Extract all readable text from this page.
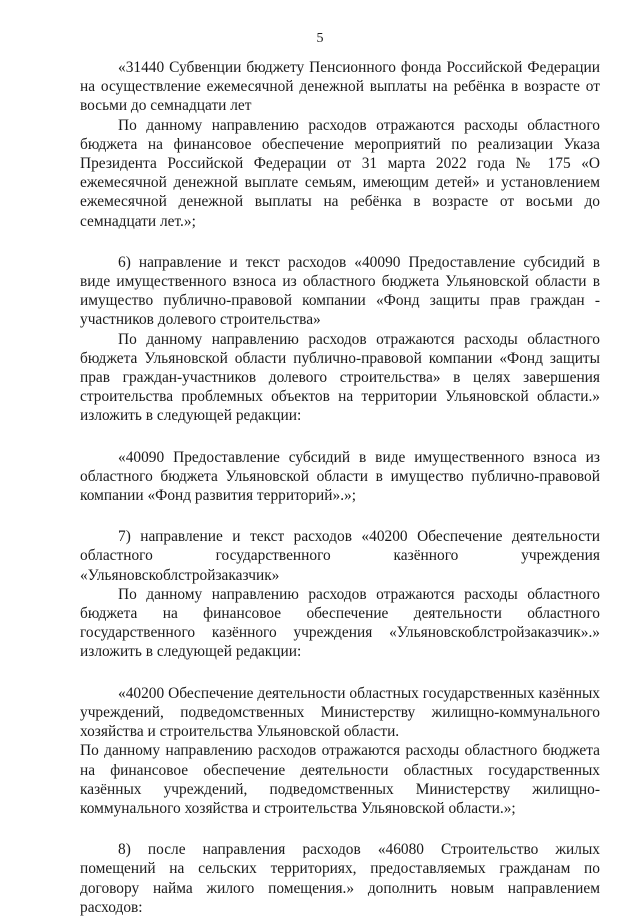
5

«31440 Субвенции бюджету Пенсионного фонда Российской Федерации на осуществление ежемесячной денежной выплаты на ребёнка в возрасте от восьми до семнадцати лет

По данному направлению расходов отражаются расходы областного бюджета на финансовое обеспечение мероприятий по реализации Указа Президента Российской Федерации от 31 марта 2022 года № 175 «О ежемесячной денежной выплате семьям, имеющим детей» и установлением ежемесячной денежной выплаты на ребёнка в возрасте от восьми до семнадцати лет.»;

6) направление и текст расходов «40090 Предоставление субсидий в виде имущественного взноса из областного бюджета Ульяновской области в имущество публично-правовой компании «Фонд защиты прав граждан - участников долевого строительства»

По данному направлению расходов отражаются расходы областного бюджета Ульяновской области публично-правовой компании «Фонд защиты прав граждан-участников долевого строительства» в целях завершения строительства проблемных объектов на территории Ульяновской области.» изложить в следующей редакции:

«40090 Предоставление субсидий в виде имущественного взноса из областного бюджета Ульяновской области в имущество публично-правовой компании «Фонд развития территорий».»;

7) направление и текст расходов «40200 Обеспечение деятельности областного государственного казённого учреждения «Ульяновскоблстройзаказчик»

По данному направлению расходов отражаются расходы областного бюджета на финансовое обеспечение деятельности областного государственного казённого учреждения «Ульяновскоблстройзаказчик».» изложить в следующей редакции:

«40200 Обеспечение деятельности областных государственных казённых учреждений, подведомственных Министерству жилищно-коммунального хозяйства и строительства Ульяновской области.

По данному направлению расходов отражаются расходы областного бюджета на финансовое обеспечение деятельности областных государственных казённых учреждений, подведомственных Министерству жилищно-коммунального хозяйства и строительства Ульяновской области.»;

8) после направления расходов «46080 Строительство жилых помещений на сельских территориях, предоставляемых гражданам по договору найма жилого помещения.» дополнить новым направлением расходов:
